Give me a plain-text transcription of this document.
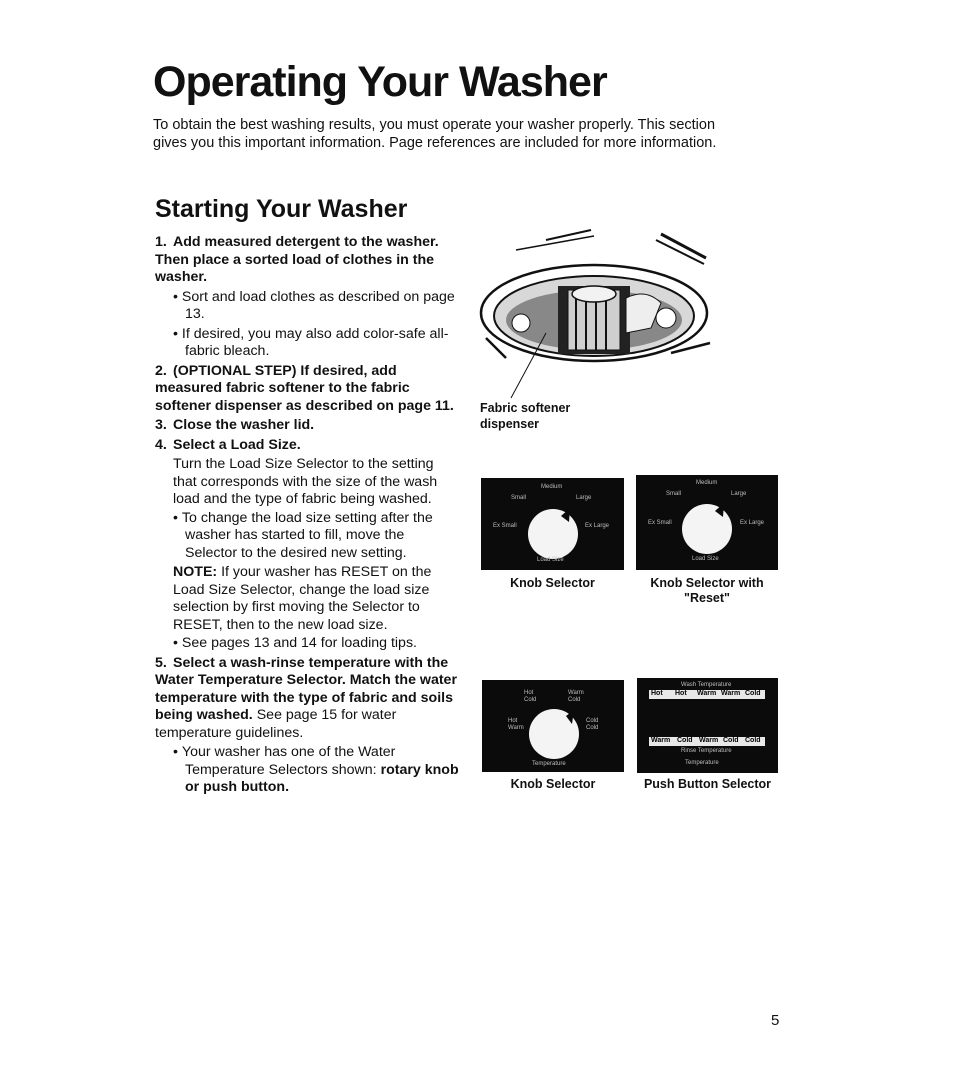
Operating Your Washer
To obtain the best washing results, you must operate your washer properly. This section
gives you this important information. Page references are included for more information.
Starting Your Washer
1. Add measured detergent to the washer. Then place a sorted load of clothes in the washer.
• Sort and load clothes as described on page 13.
• If desired, you may also add color-safe all-fabric bleach.
2. (OPTIONAL STEP) If desired, add measured fabric softener to the fabric softener dispenser as described on page 11.
3. Close the washer lid.
4. Select a Load Size.
Turn the Load Size Selector to the setting that corresponds with the size of the wash load and the type of fabric being washed.
• To change the load size setting after the washer has started to fill, move the Selector to the desired new setting.
NOTE: If your washer has RESET on the Load Size Selector, change the load size selection by first moving the Selector to RESET, then to the new load size.
• See pages 13 and 14 for loading tips.
5. Select a wash-rinse temperature with the Water Temperature Selector. Match the water temperature with the type of fabric and soils being washed. See page 15 for water temperature guidelines.
• Your washer has one of the Water Temperature Selectors shown: rotary knob or push button.
Fabric softener
dispenser
Medium
Small	Large
Ex Small	Ex Large
Load Size
Knob Selector
Medium
Small	Large
Ex Small	Ex Large
Load Size
Knob Selector with
"Reset"
Hot
Cold
Warm
Cold
Hot
Warm
Cold
Cold
Temperature
Knob Selector
Wash Temperature
Hot Hot Warm Warm Cold
Warm Cold Warm Cold Cold
Rinse Temperature
Temperature
Push Button Selector
5
